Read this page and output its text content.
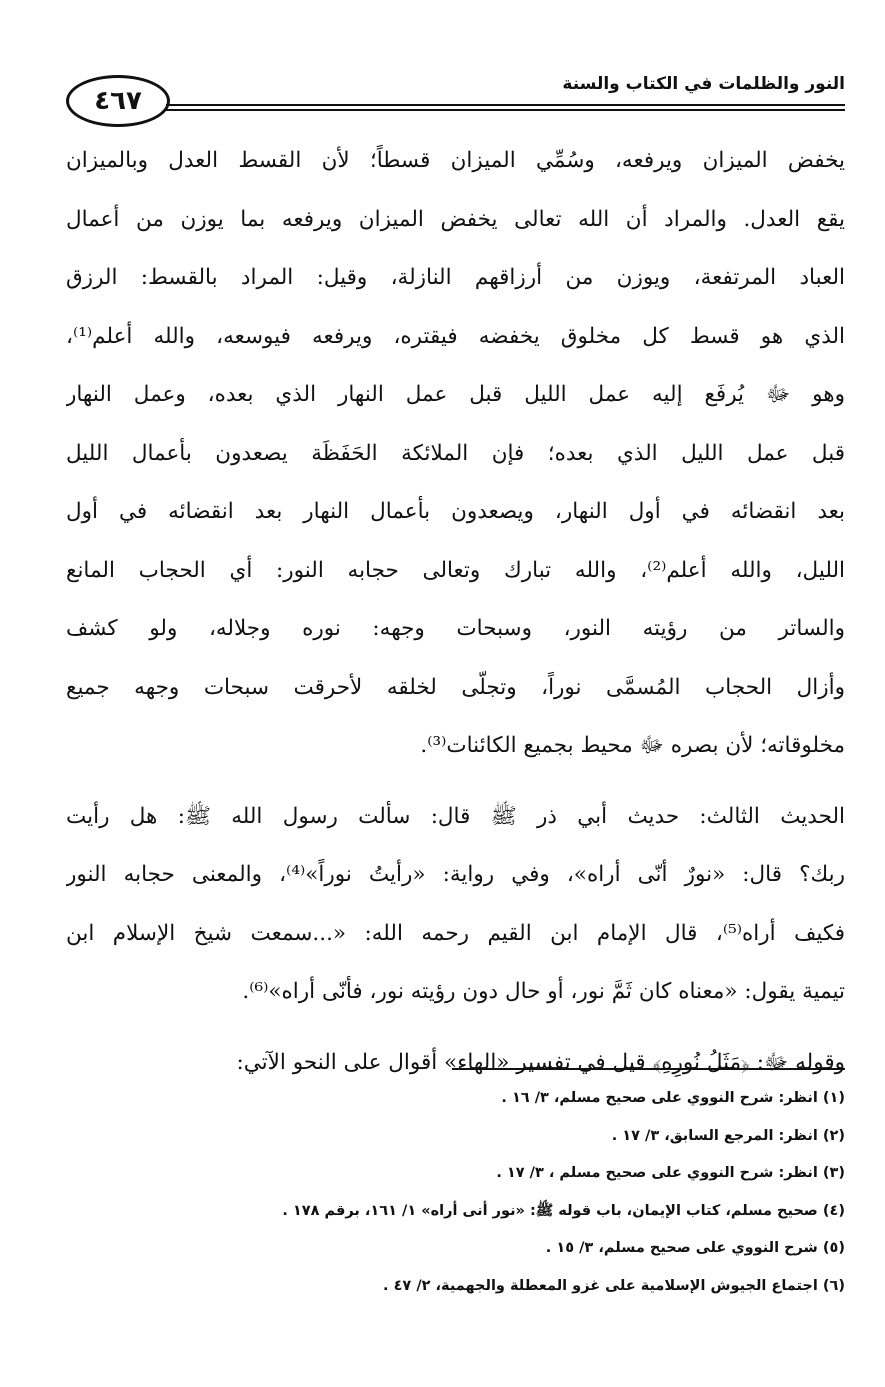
النور والظلمات في الكتاب والسنة
٤٦٧

يخفض الميزان ويرفعه، وسُمِّي الميزان قسطاً؛ لأن القسط العدل وبالميزان
يقع العدل. والمراد أن الله تعالى يخفض الميزان ويرفعه بما يوزن من أعمال
العباد المرتفعة، ويوزن من أرزاقهم النازلة، وقيل: المراد بالقسط: الرزق
الذي هو قسط كل مخلوق يخفضه فيقتره، ويرفعه فيوسعه، والله أعلم⁽¹⁾،
وهو ﷻ يُرفَع إليه عمل الليل قبل عمل النهار الذي بعده، وعمل النهار
قبل عمل الليل الذي بعده؛ فإن الملائكة الحَفَظَة يصعدون بأعمال الليل
بعد انقضائه في أول النهار، ويصعدون بأعمال النهار بعد انقضائه في أول
الليل، والله أعلم⁽²⁾، والله تبارك وتعالى حجابه النور: أي الحجاب المانع
والساتر من رؤيته النور، وسبحات وجهه: نوره وجلاله، ولو كشف
وأزال الحجاب المُسمَّى نوراً، وتجلّى لخلقه لأحرقت سبحات وجهه جميع
مخلوقاته؛ لأن بصره ﷻ محيط بجميع الكائنات⁽³⁾.

الحديث الثالث: حديث أبي ذر ﷺ قال: سألت رسول الله ﷺ: هل رأيت
ربك؟ قال: «نورٌ أنّى أراه»، وفي رواية: «رأيتُ نوراً»⁽⁴⁾، والمعنى حجابه النور
فكيف أراه⁽⁵⁾، قال الإمام ابن القيم رحمه الله: «...سمعت شيخ الإسلام ابن
تيمية يقول: «معناه كان ثَمَّ نور، أو حال دون رؤيته نور، فأنّى أراه»⁽⁶⁾.

وقوله ﷻ: ﴿مَثَلُ نُورِهِ﴾ قيل في تفسير «الهاء» أقوال على النحو الآتي:

(١) انظر: شرح النووي على صحيح مسلم، ٣/ ١٦ .
(٢) انظر: المرجع السابق، ٣/ ١٧ .
(٣) انظر: شرح النووي على صحيح مسلم ، ٣/ ١٧ .
(٤) صحيح مسلم، كتاب الإيمان، باب قوله ﷺ: «نور أنى أراه» ١/ ١٦١، برقم ١٧٨ .
(٥) شرح النووي على صحيح مسلم، ٣/ ١٥ .
(٦) اجتماع الجيوش الإسلامية على غزو المعطلة والجهمية، ٢/ ٤٧ .
